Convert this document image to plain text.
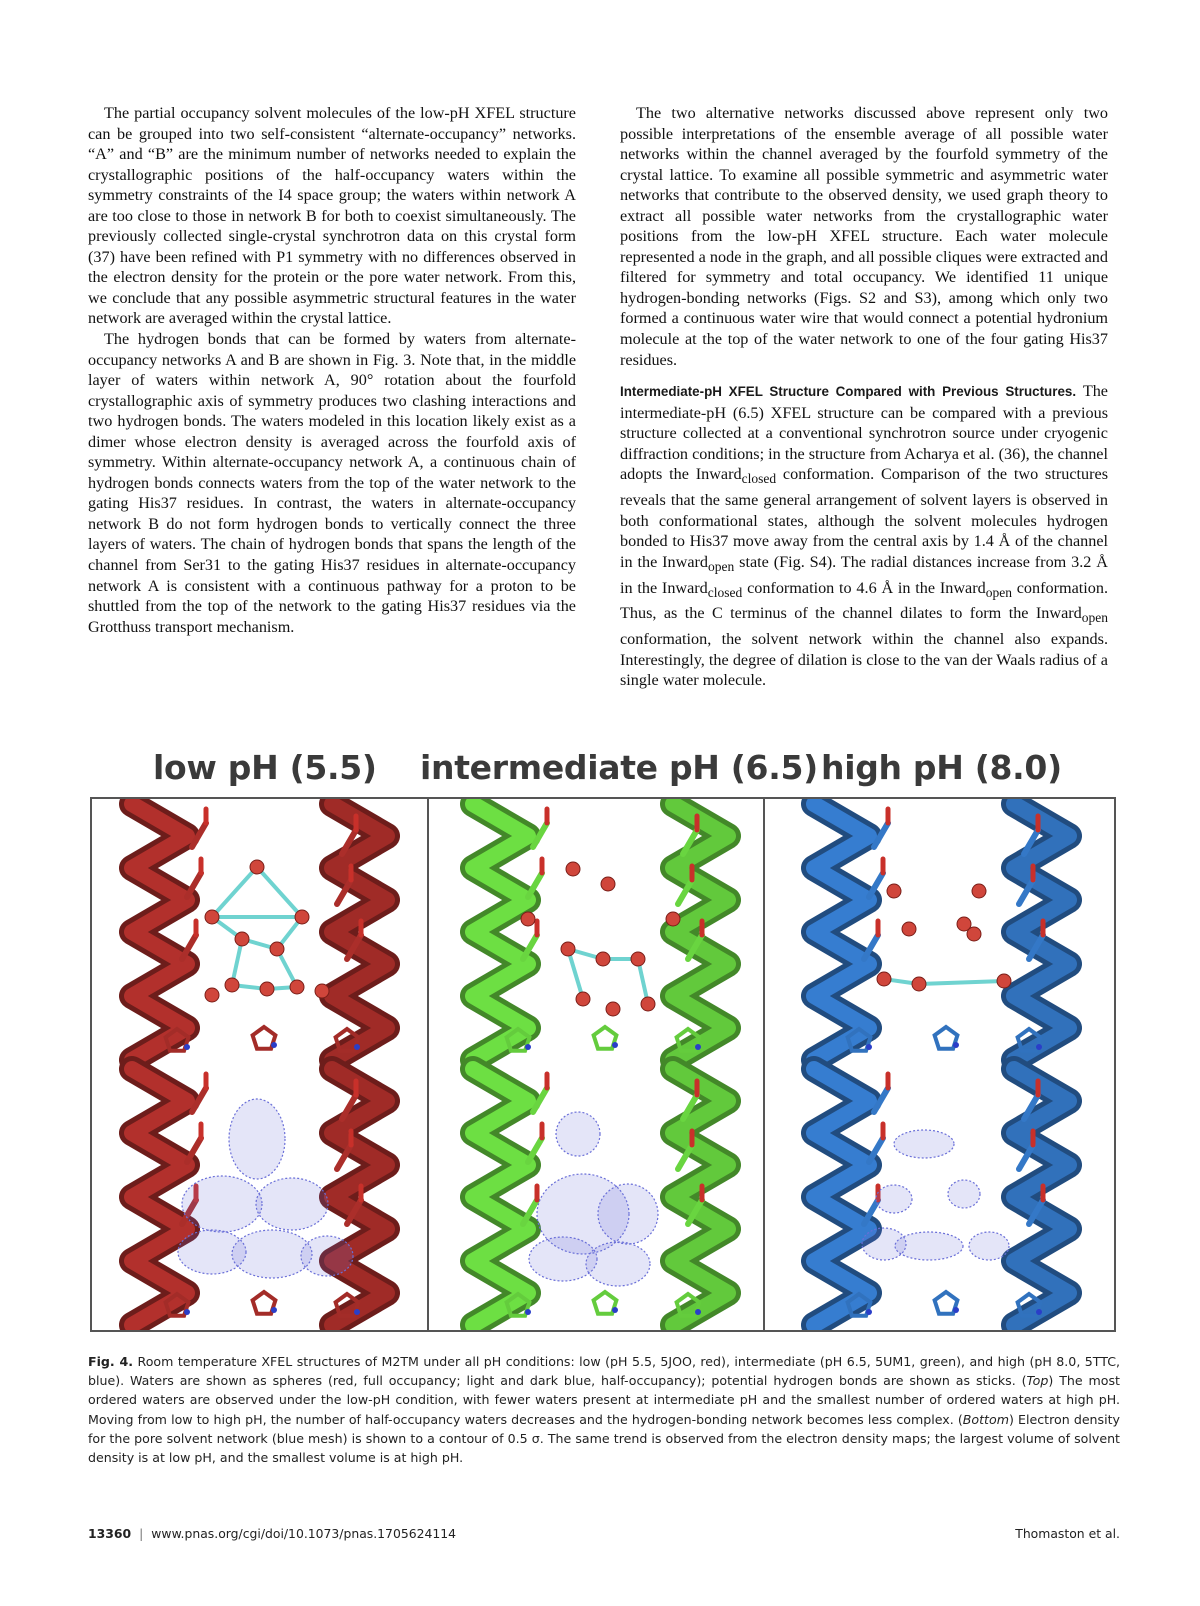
The partial occupancy solvent molecules of the low-pH XFEL structure can be grouped into two self-consistent “alternate-occupancy” networks. “A” and “B” are the minimum number of networks needed to explain the crystallographic positions of the half-occupancy waters within the symmetry constraints of the I4 space group; the waters within network A are too close to those in network B for both to coexist simultaneously. The previously collected single-crystal synchrotron data on this crystal form (37) have been refined with P1 symmetry with no differences observed in the electron density for the protein or the pore water network. From this, we conclude that any possible asymmetric structural features in the water network are averaged within the crystal lattice.

The hydrogen bonds that can be formed by waters from alternate-occupancy networks A and B are shown in Fig. 3. Note that, in the middle layer of waters within network A, 90° rotation about the fourfold crystallographic axis of symmetry produces two clashing interactions and two hydrogen bonds. The waters modeled in this location likely exist as a dimer whose electron density is averaged across the fourfold axis of symmetry. Within alternate-occupancy network A, a continuous chain of hydrogen bonds connects waters from the top of the water network to the gating His37 residues. In contrast, the waters in alternate-occupancy network B do not form hydrogen bonds to vertically connect the three layers of waters. The chain of hydrogen bonds that spans the length of the channel from Ser31 to the gating His37 residues in alternate-occupancy network A is consistent with a continuous pathway for a proton to be shuttled from the top of the network to the gating His37 residues via the Grotthuss transport mechanism.

The two alternative networks discussed above represent only two possible interpretations of the ensemble average of all possible water networks within the channel averaged by the fourfold symmetry of the crystal lattice. To examine all possible symmetric and asymmetric water networks that contribute to the observed density, we used graph theory to extract all possible water networks from the crystallographic water positions from the low-pH XFEL structure. Each water molecule represented a node in the graph, and all possible cliques were extracted and filtered for symmetry and total occupancy. We identified 11 unique hydrogen-bonding networks (Figs. S2 and S3), among which only two formed a continuous water wire that would connect a potential hydronium molecule at the top of the water network to one of the four gating His37 residues.

Intermediate-pH XFEL Structure Compared with Previous Structures. The intermediate-pH (6.5) XFEL structure can be compared with a previous structure collected at a conventional synchrotron source under cryogenic diffraction conditions; in the structure from Acharya et al. (36), the channel adopts the Inward$_{closed}$ conformation. Comparison of the two structures reveals that the same general arrangement of solvent layers is observed in both conformational states, although the solvent molecules hydrogen bonded to His37 move away from the central axis by 1.4 Å of the channel in the Inward$_{open}$ state (Fig. S4). The radial distances increase from 3.2 Å in the Inward$_{closed}$ conformation to 4.6 Å in the Inward$_{open}$ conformation. Thus, as the C terminus of the channel dilates to form the Inward$_{open}$ conformation, the solvent network within the channel also expands. Interestingly, the degree of dilation is close to the van der Waals radius of a single water molecule.

low pH (5.5) intermediate pH (6.5) high pH (8.0)
Fig. 4. Room temperature XFEL structures of M2TM under all pH conditions: low (pH 5.5, 5JOO, red), intermediate (pH 6.5, 5UM1, green), and high (pH 8.0, 5TTC, blue). Waters are shown as spheres (red, full occupancy; light and dark blue, half-occupancy); potential hydrogen bonds are shown as sticks. (Top) The most ordered waters are observed under the low-pH condition, with fewer waters present at intermediate pH and the smallest number of ordered waters at high pH. Moving from low to high pH, the number of half-occupancy waters decreases and the hydrogen-bonding network becomes less complex. (Bottom) Electron density for the pore solvent network (blue mesh) is shown to a contour of 0.5 σ. The same trend is observed from the electron density maps; the largest volume of solvent density is at low pH, and the smallest volume is at high pH.
13360 | www.pnas.org/cgi/doi/10.1073/pnas.1705624114	Thomaston et al.
